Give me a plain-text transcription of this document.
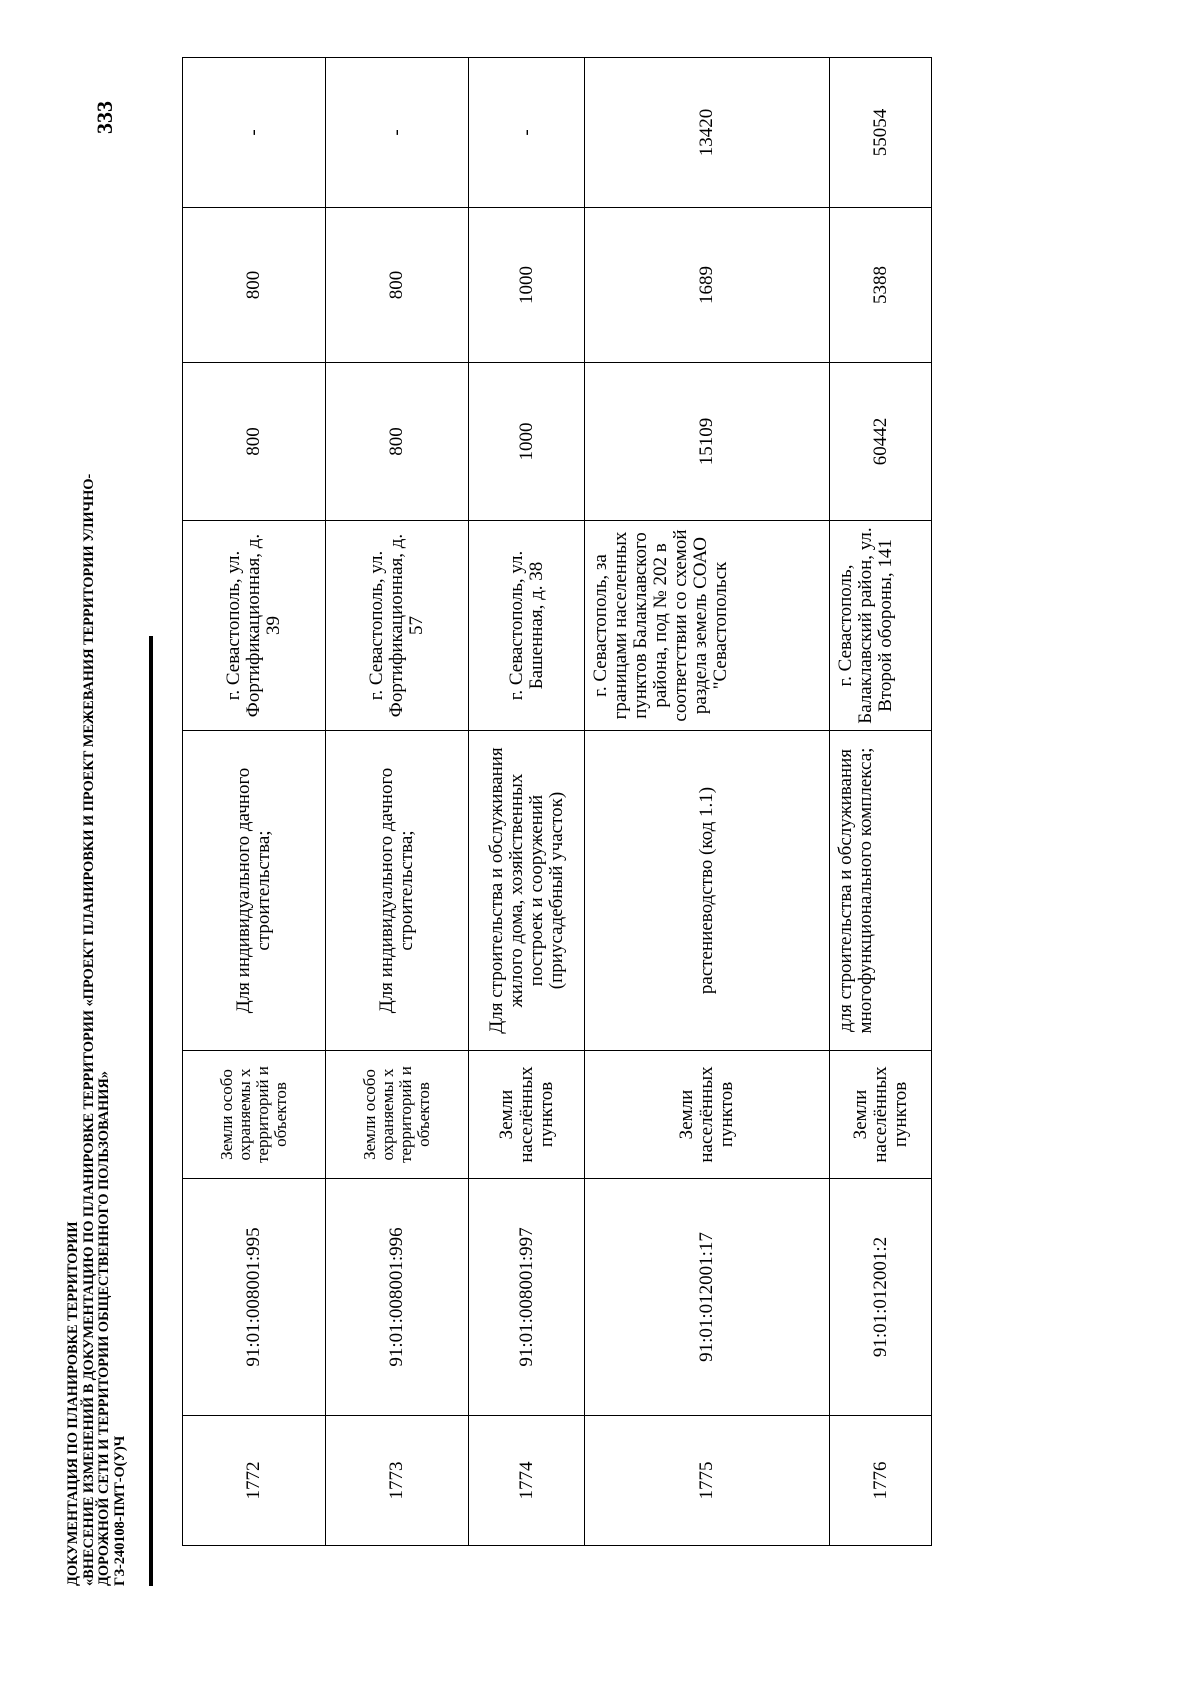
ДОКУМЕНТАЦИЯ ПО ПЛАНИРОВКЕ ТЕРРИТОРИИ «ВНЕСЕНИЕ ИЗМЕНЕНИЙ В ДОКУМЕНТАЦИЮ ПО ПЛАНИРОВКЕ ТЕРРИТОРИИ «ПРОЕКТ ПЛАНИРОВКИ И ПРОЕКТ МЕЖЕВАНИЯ ТЕРРИТОРИИ УЛИЧНО- ДОРОЖНОЙ СЕТИ И ТЕРРИТОРИИ ОБЩЕСТВЕННОГО ПОЛЬЗОВАНИЯ» ГЗ-240108-ПМТ-О(У)Ч
333
1772	91:01:008001:995	Земли особо охраняемы х территорий и объектов	Для индивидуального дачного строительства;	г. Севастополь, ул. Фортификационная, д. 39	800	800	-
1773	91:01:008001:996	Земли особо охраняемы х территорий и объектов	Для индивидуального дачного строительства;	г. Севастополь, ул. Фортификационная, д. 57	800	800	-
1774	91:01:008001:997	Земли населённых пунктов	Для строительства и обслуживания жилого дома, хозяйственных построек и сооружений (приусадебный участок)	г. Севастополь, ул. Башенная, д. 38	1000	1000	-
1775	91:01:012001:17	Земли населённых пунктов	растениеводство (код 1.1)	г. Севастополь, за границами населенных пунктов Балаклавского района, под № 202 в соответствии со схемой раздела земель СОАО "Севастопольск	15109	1689	13420
1776	91:01:012001:2	Земли населённых пунктов	для строительства и обслуживания многофункционального комплекса;	г. Севастополь, Балаклавский район, ул. Второй обороны, 141	60442	5388	55054
